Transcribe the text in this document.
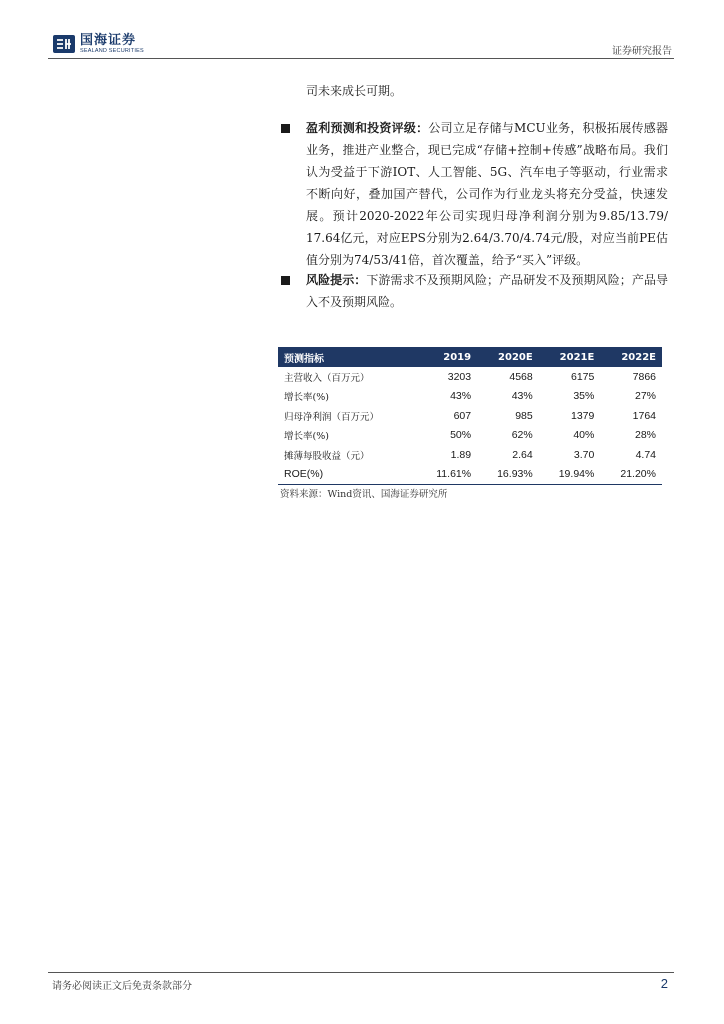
国海证券
SEALAND SECURITIES	证券研究报告
司未来成长可期。
盈利预测和投资评级：公司立足存储与MCU业务，积极拓展传感器业务，推进产业整合，现已完成“存储+控制+传感”战略布局。我们认为受益于下游IOT、人工智能、5G、汽车电子等驱动，行业需求不断向好，叠加国产替代，公司作为行业龙头将充分受益，快速发展。预计2020-2022年公司实现归母净利润分别为9.85/13.79/ 17.64亿元，对应EPS分别为2.64/3.70/4.74元/股，对应当前PE估值分别为74/53/41倍，首次覆盖，给予“买入”评级。
风险提示：下游需求不及预期风险；产品研发不及预期风险；产品导入不及预期风险。
预测指标	2019	2020E	2021E	2022E
主营收入（百万元）	3203	4568	6175	7866
增长率(%)	43%	43%	35%	27%
归母净利润（百万元）	607	985	1379	1764
增长率(%)	50%	62%	40%	28%
摊薄每股收益（元）	1.89	2.64	3.70	4.74
ROE(%)	11.61%	16.93%	19.94%	21.20%
资料来源：Wind资讯、国海证券研究所
请务必阅读正文后免责条款部分	2
